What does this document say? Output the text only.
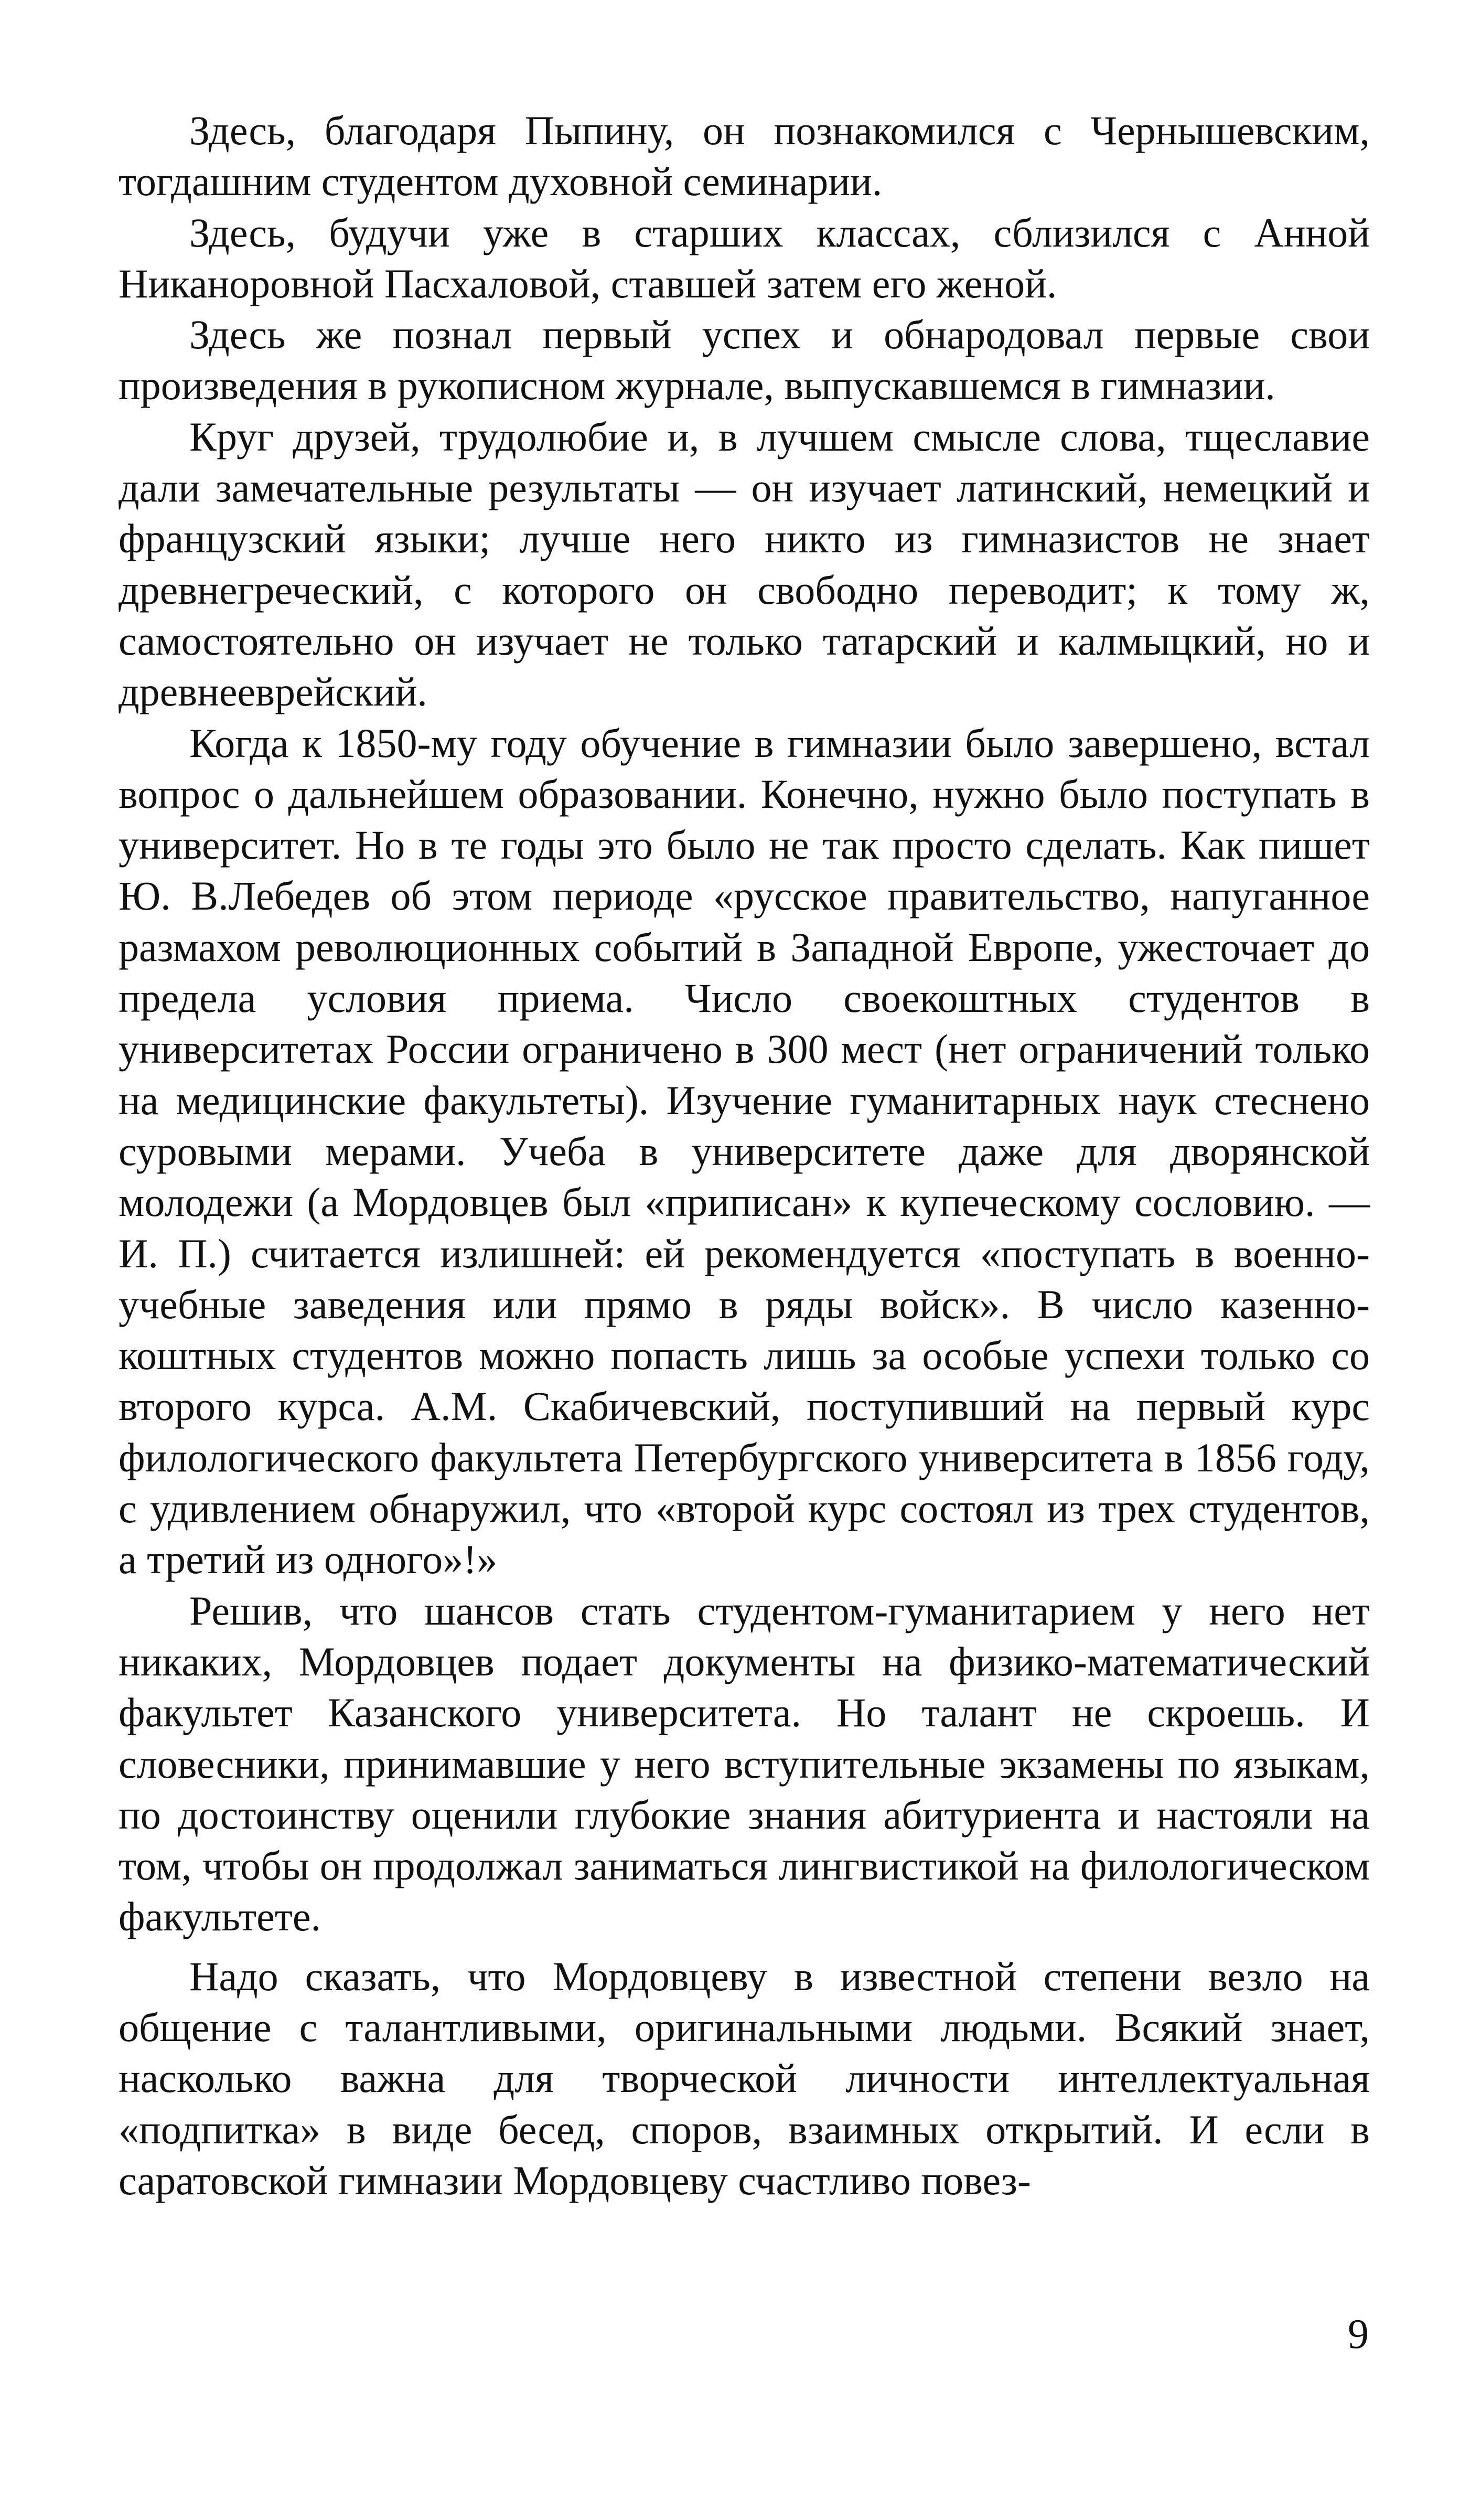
Здесь, благодаря Пыпину, он познакомился с Чернышевским, тогдашним студентом духовной семинарии.

Здесь, будучи уже в старших классах, сблизился с Анной Никаноровной Пасхаловой, ставшей затем его женой.

Здесь же познал первый успех и обнародовал первые свои произведения в рукописном журнале, выпускавшемся в гимназии.

Круг друзей, трудолюбие и, в лучшем смысле слова, тщеславие дали замечательные результаты — он изучает латинский, немецкий и французский языки; лучше него никто из гимназистов не знает древнегреческий, с которого он свободно переводит; к тому ж, самостоятельно он изучает не только татарский и калмыцкий, но и древнееврейский.

Когда к 1850-му году обучение в гимназии было завершено, встал вопрос о дальнейшем образовании. Конечно, нужно было поступать в университет. Но в те годы это было не так просто сделать. Как пишет Ю. В.Лебедев об этом периоде «русское правительство, напуганное размахом революционных событий в Западной Европе, ужесточает до предела условия приема. Число своекоштных студентов в университетах России ограничено в 300 мест (нет ограничений только на медицинские факультеты). Изучение гуманитарных наук стеснено суровыми мерами. Учеба в университете даже для дворянской молодежи (а Мордовцев был «приписан» к купеческому сословию. — И. П.) считается излишней: ей рекомендуется «поступать в военно-учебные заведения или прямо в ряды войск». В число казенно-коштных студентов можно попасть лишь за особые успехи только со второго курса. А.М. Скабичевский, поступивший на первый курс филологического факультета Петербургского университета в 1856 году, с удивлением обнаружил, что «второй курс состоял из трех студентов, а третий из одного»!»

Решив, что шансов стать студентом-гуманитарием у него нет никаких, Мордовцев подает документы на физико-математический факультет Казанского университета. Но талант не скроешь. И словесники, принимавшие у него вступительные экзамены по языкам, по достоинству оценили глубокие знания абитуриента и настояли на том, чтобы он продолжал заниматься лингвистикой на филологическом факультете.

Надо сказать, что Мордовцеву в известной степени везло на общение с талантливыми, оригинальными людьми. Всякий знает, насколько важна для творческой личности интеллектуальная «подпитка» в виде бесед, споров, взаимных открытий. И если в саратовской гимназии Мордовцеву счастливо повез-

9
